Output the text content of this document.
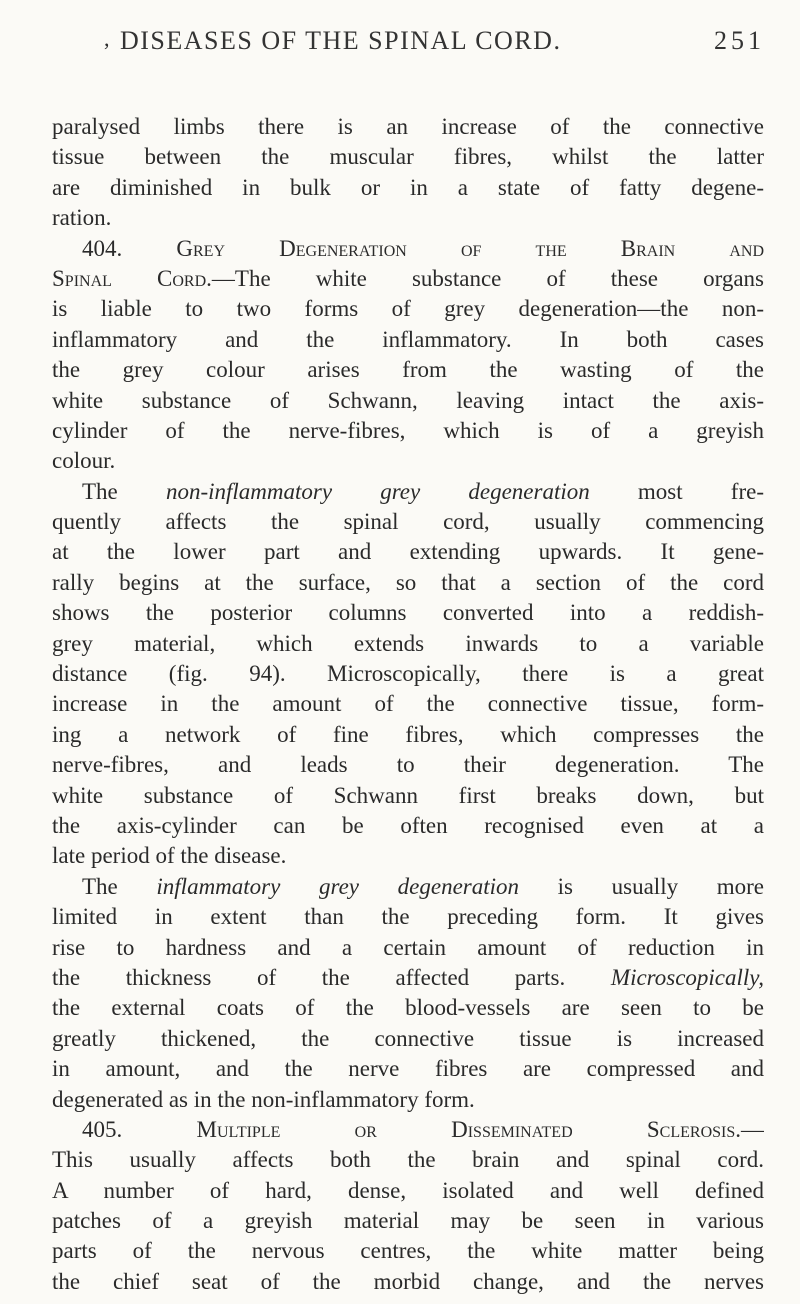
, DISEASES OF THE SPINAL CORD.	251
paralysed limbs there is an increase of the connective
tissue between the muscular fibres, whilst the latter
are diminished in bulk or in a state of fatty degene-
ration.
404. Grey Degeneration of the Brain and
Spinal Cord.—The white substance of these organs
is liable to two forms of grey degeneration—the non-
inflammatory and the inflammatory. In both cases
the grey colour arises from the wasting of the
white substance of Schwann, leaving intact the axis-
cylinder of the nerve-fibres, which is of a greyish
colour.
The non-inflammatory grey degeneration most fre-
quently affects the spinal cord, usually commencing
at the lower part and extending upwards. It gene-
rally begins at the surface, so that a section of the cord
shows the posterior columns converted into a reddish-
grey material, which extends inwards to a variable
distance (fig. 94). Microscopically, there is a great
increase in the amount of the connective tissue, form-
ing a network of fine fibres, which compresses the
nerve-fibres, and leads to their degeneration. The
white substance of Schwann first breaks down, but
the axis-cylinder can be often recognised even at a
late period of the disease.
The inflammatory grey degeneration is usually more
limited in extent than the preceding form. It gives
rise to hardness and a certain amount of reduction in
the thickness of the affected parts. Microscopically,
the external coats of the blood-vessels are seen to be
greatly thickened, the connective tissue is increased
in amount, and the nerve fibres are compressed and
degenerated as in the non-inflammatory form.
405. Multiple or Disseminated Sclerosis.—
This usually affects both the brain and spinal cord.
A number of hard, dense, isolated and well defined
patches of a greyish material may be seen in various
parts of the nervous centres, the white matter being
the chief seat of the morbid change, and the nerves
